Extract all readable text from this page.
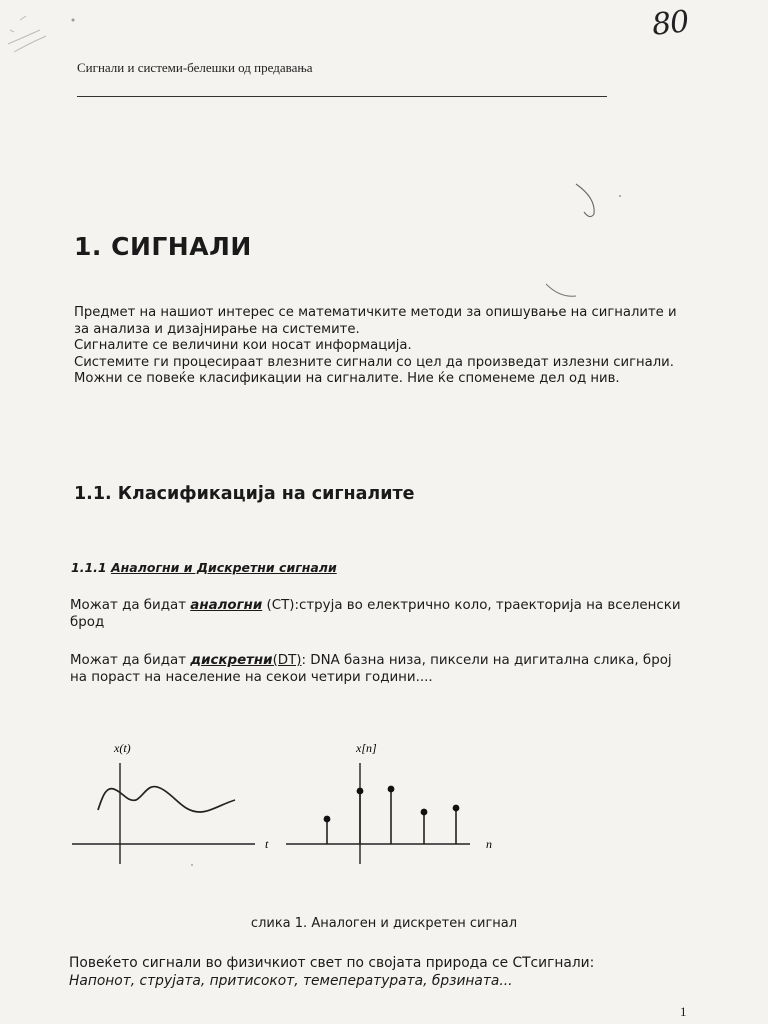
80
Сигнали и системи-белешки од предавања
1. СИГНАЛИ

Предмет на нашиот интерес се математичките методи за опишување на сигналите и за анализа и дизајнирање на системите.

Сигналите се величини кои носат информација.

Системите ги процесираат влезните сигнали со цел да произведат излезни сигнали.

Можни се повеќе класификации на сигналите. Ние ќе спомeнеме дел од нив.

1.1. Класификација на сигналите
1.1.1 Аналогни и Дискретни сигнали

Можат да бидат аналогни (CT):струја во електрично коло, траекторија на вселенски брод

Можат да бидат дискретни(DT): DNA базна низа, пиксели на дигитална слика, број на пораст на население на секои четири години....

x(t)
t
x[n]
n
слика 1. Аналоген и дискретен сигнал

Повеќето сигнали во физичкиот свет по својата природа се CTсигнали:

Напонот, струјата, притисокот, темепературата, брзината...

1
